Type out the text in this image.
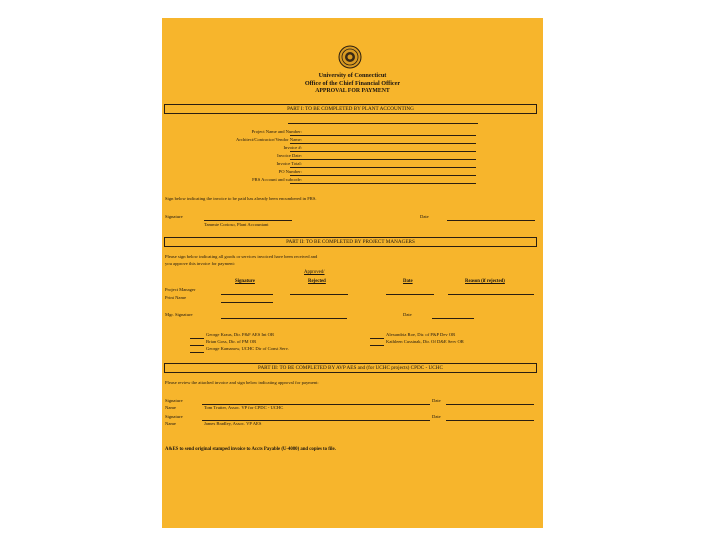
University of Connecticut
Office of the Chief Financial Officer
APPROVAL FOR PAYMENT
PART I: TO BE COMPLETED BY PLANT ACCOUNTING
Project Name and Number:
Architect/Contractor/Vendor Name:
Invoice #:
Invoice Date:
Invoice Total:
PO Number:
FRS Account and subcode:
Sign below indicating the invoice to be paid has already been encumbered in FRS.
Signature
Tammie Corioso, Plant Accountant
Date
PART II: TO BE COMPLETED BY PROJECT MANAGERS
Please sign below indicating all goods or services invoiced have been received and
you approve this invoice for payment:
Approved/
Signature	Rejected	Date	Reason (if rejected)
Project Manager
Print Name
Mgr. Signature	Date
George Kraus, Dir. P&F AES Int OR
Brian Goss, Dir. of PM OR
George Kamanow, UCHC Dir of Const Serv.
Alexandria Roe, Dir. of P&P Dev OR
Kathleen Cussinak, Dir. Of D&E Serv OR
PART III: TO BE COMPLETED BY AVP AES and (for UCHC projects) CPDC - UCHC
Please review the attached invoice and sign below indicating approval for payment:
Signature	Date
Name	Tom Trutter, Assoc. VP for CPDC - UCHC
Signature	Date
Name	James Bradley, Assoc. VP AES
A&ES to send original stamped invoice to Accts Payable (U-4080) and copies to file.
